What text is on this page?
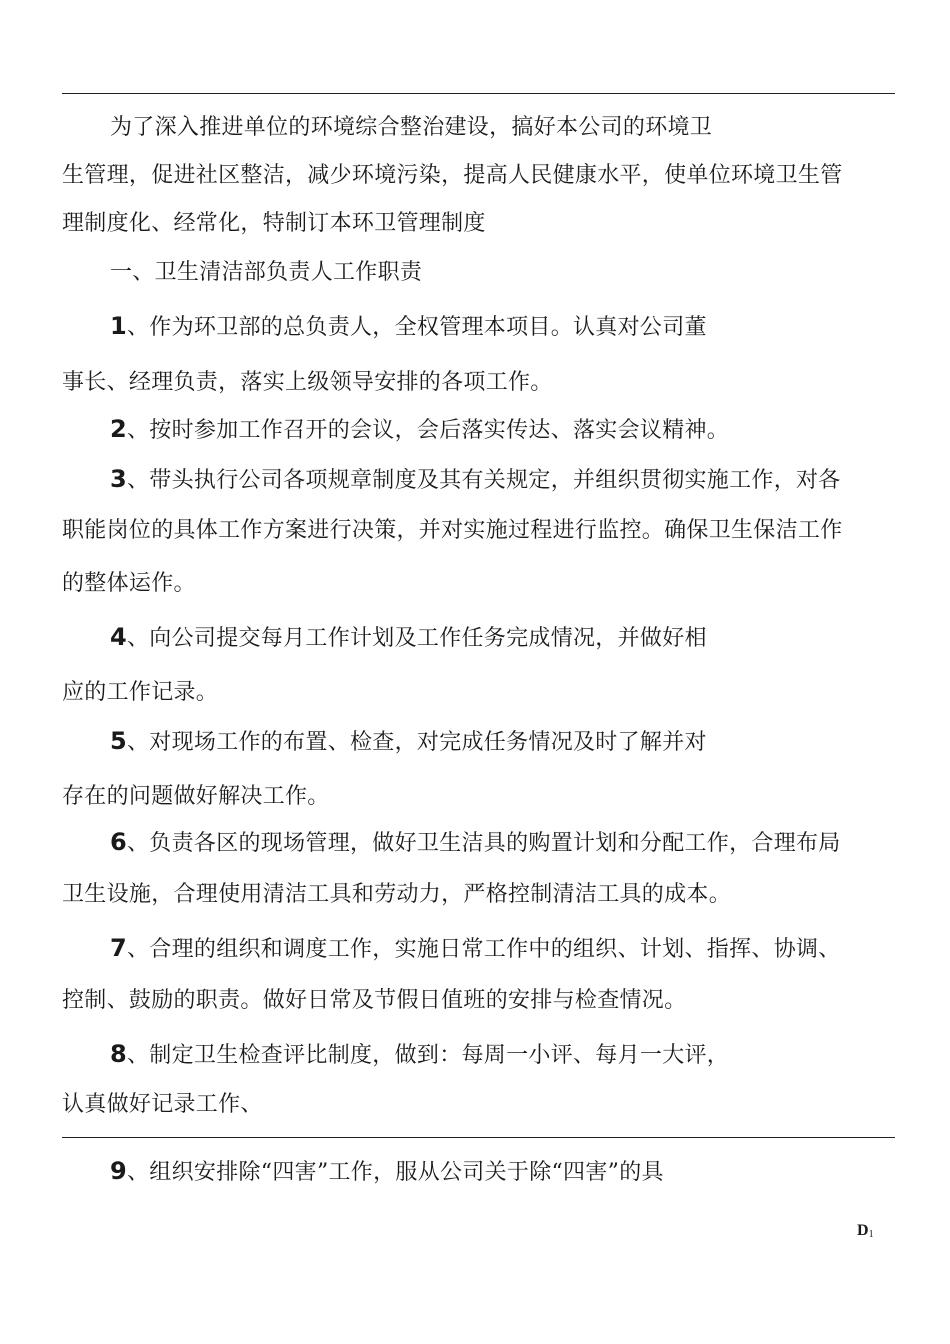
为了深入推进单位的环境综合整治建设，搞好本公司的环境卫
生管理，促进社区整洁，减少环境污染，提高人民健康水平，使单位环境卫生管
理制度化、经常化，特制订本环卫管理制度
一、卫生清洁部负责人工作职责
1、作为环卫部的总负责人，全权管理本项目。认真对公司董
事长、经理负责，落实上级领导安排的各项工作。
2、按时参加工作召开的会议，会后落实传达、落实会议精神。
3、带头执行公司各项规章制度及其有关规定，并组织贯彻实施工作，对各
职能岗位的具体工作方案进行决策，并对实施过程进行监控。确保卫生保洁工作
的整体运作。
4、向公司提交每月工作计划及工作任务完成情况，并做好相
应的工作记录。
5、对现场工作的布置、检查，对完成任务情况及时了解并对
存在的问题做好解决工作。
6、负责各区的现场管理，做好卫生洁具的购置计划和分配工作，合理布局
卫生设施，合理使用清洁工具和劳动力，严格控制清洁工具的成本。
7、合理的组织和调度工作，实施日常工作中的组织、计划、指挥、协调、
控制、鼓励的职责。做好日常及节假日值班的安排与检查情况。
8、制定卫生检查评比制度，做到：每周一小评、每月一大评，
认真做好记录工作、
9、组织安排除“四害”工作，服从公司关于除“四害”的具
$D_1$
